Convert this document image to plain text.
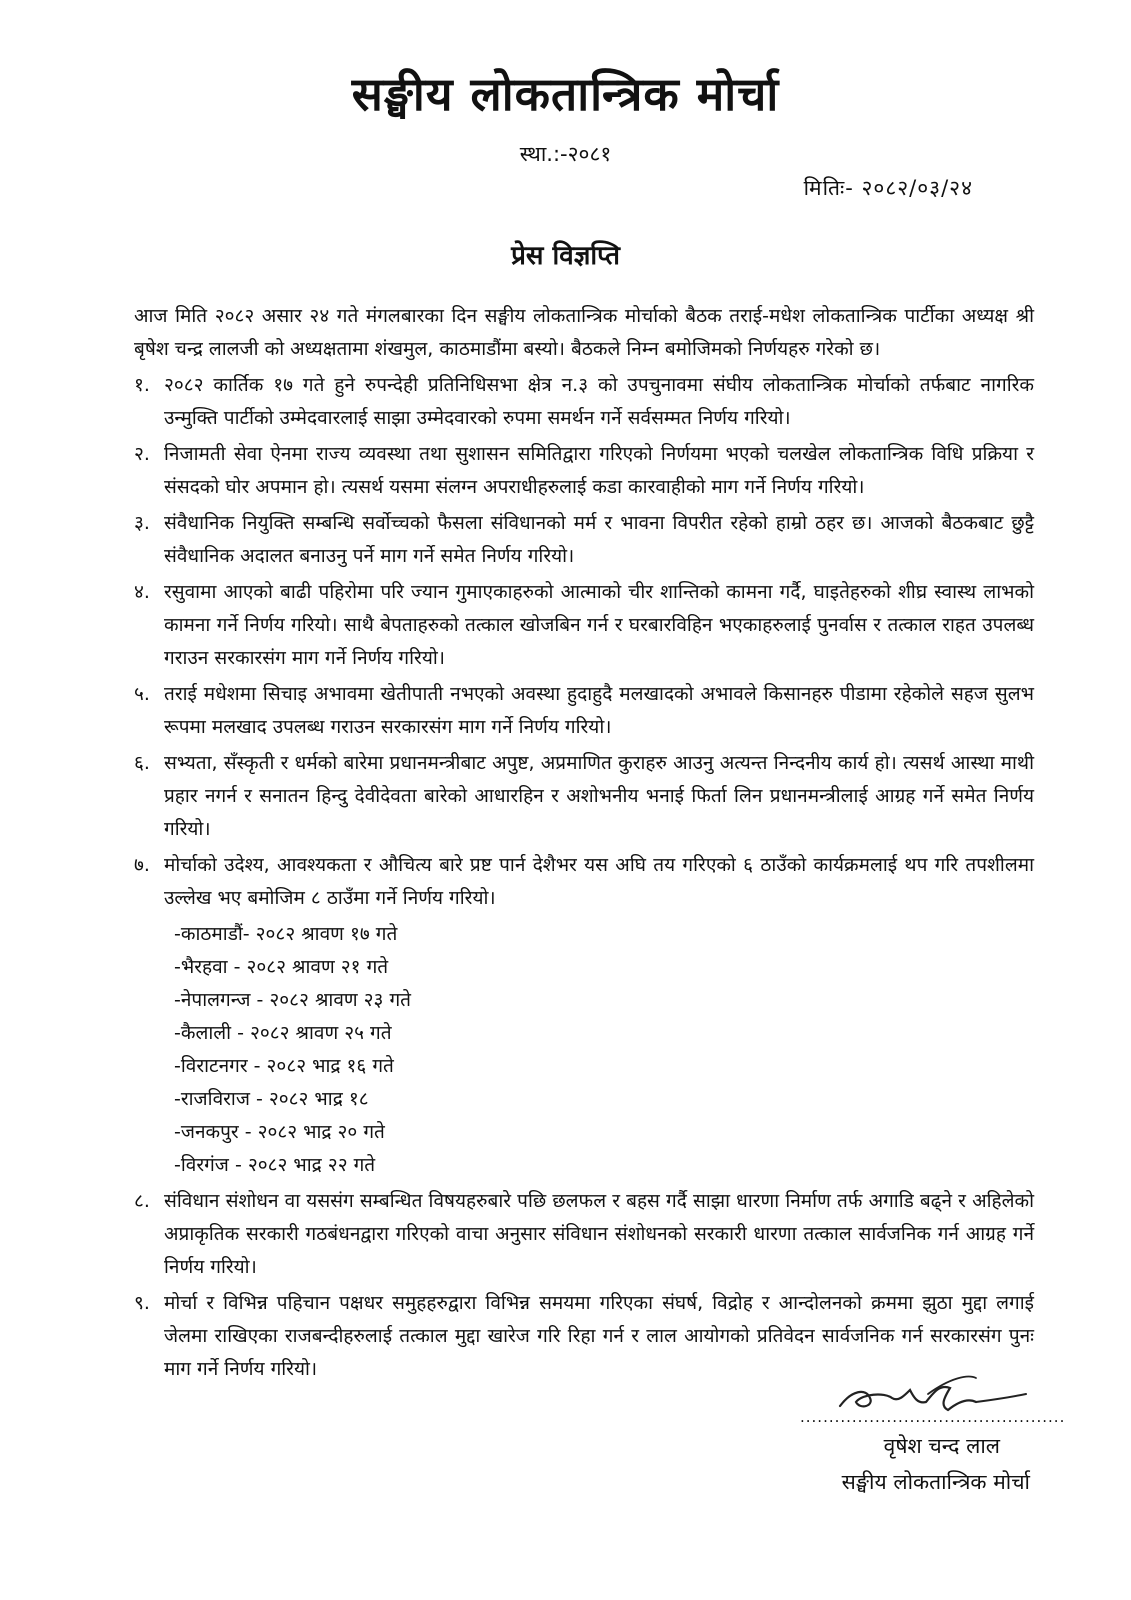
सङ्घीय लोकतान्त्रिक मोर्चा
स्था.:-२०८१
मितिः- २०८२/०३/२४
प्रेस विज्ञप्ति

आज मिति २०८२ असार २४ गते मंगलबारका दिन सङ्घीय लोकतान्त्रिक मोर्चाको बैठक तराई-मधेश लोकतान्त्रिक पार्टीका अध्यक्ष श्री बृषेश चन्द्र लालजी को अध्यक्षतामा शंखमुल, काठमाडौंमा बस्यो। बैठकले निम्न बमोजिमको निर्णयहरु गरेको छ।

१. २०८२ कार्तिक १७ गते हुने रुपन्देही प्रतिनिधिसभा क्षेत्र न.३ को उपचुनावमा संघीय लोकतान्त्रिक मोर्चाको तर्फबाट नागरिक उन्मुक्ति पार्टीको उम्मेदवारलाई साझा उम्मेदवारको रुपमा समर्थन गर्ने सर्वसम्मत निर्णय गरियो।
२. निजामती सेवा ऐनमा राज्य व्यवस्था तथा सुशासन समितिद्वारा गरिएको निर्णयमा भएको चलखेल लोकतान्त्रिक विधि प्रक्रिया र संसदको घोर अपमान हो। त्यसर्थ यसमा संलग्न अपराधीहरुलाई कडा कारवाहीको माग गर्ने निर्णय गरियो।
३. संवैधानिक नियुक्ति सम्बन्धि सर्वोच्चको फैसला संविधानको मर्म र भावना विपरीत रहेको हाम्रो ठहर छ। आजको बैठकबाट छुट्टै संवैधानिक अदालत बनाउनु पर्ने माग गर्ने समेत निर्णय गरियो।
४. रसुवामा आएको बाढी पहिरोमा परि ज्यान गुमाएकाहरुको आत्माको चीर शान्तिको कामना गर्दै, घाइतेहरुको शीघ्र स्वास्थ लाभको कामना गर्ने निर्णय गरियो। साथै बेपताहरुको तत्काल खोजबिन गर्न र घरबारविहिन भएकाहरुलाई पुनर्वास र तत्काल राहत उपलब्ध गराउन सरकारसंग माग गर्ने निर्णय गरियो।
५. तराई मधेशमा सिचाइ अभावमा खेतीपाती नभएको अवस्था हुदाहुदै मलखादको अभावले किसानहरु पीडामा रहेकोले सहज सुलभ रूपमा मलखाद उपलब्ध गराउन सरकारसंग माग गर्ने निर्णय गरियो।
६. सभ्यता, सँस्कृती र धर्मको बारेमा प्रधानमन्त्रीबाट अपुष्ट, अप्रमाणित कुराहरु आउनु अत्यन्त निन्दनीय कार्य हो। त्यसर्थ आस्था माथी प्रहार नगर्न र सनातन हिन्दु देवीदेवता बारेको आधारहिन र अशोभनीय भनाई फिर्ता लिन प्रधानमन्त्रीलाई आग्रह गर्ने समेत निर्णय गरियो।
७. मोर्चाको उदेश्य, आवश्यकता र औचित्य बारे प्रष्ट पार्न देशैभर यस अघि तय गरिएको ६ ठाउँको कार्यक्रमलाई थप गरि तपशीलमा उल्लेख भए बमोजिम ८ ठाउँमा गर्ने निर्णय गरियो।
-काठमाडौं- २०८२ श्रावण १७ गते
-भैरहवा - २०८२ श्रावण २१ गते
-नेपालगन्ज - २०८२ श्रावण २३ गते
-कैलाली - २०८२ श्रावण २५ गते
-विराटनगर - २०८२ भाद्र १६ गते
-राजविराज - २०८२ भाद्र १८
-जनकपुर - २०८२ भाद्र २० गते
-विरगंज - २०८२ भाद्र २२ गते
८. संविधान संशोधन वा यससंग सम्बन्धित विषयहरुबारे पछि छलफल र बहस गर्दै साझा धारणा निर्माण तर्फ अगाडि बढ्ने र अहिलेको अप्राकृतिक सरकारी गठबंधनद्वारा गरिएको वाचा अनुसार संविधान संशोधनको सरकारी धारणा तत्काल सार्वजनिक गर्न आग्रह गर्ने निर्णय गरियो।
९. मोर्चा र विभिन्न पहिचान पक्षधर समुहहरुद्वारा विभिन्न समयमा गरिएका संघर्ष, विद्रोह र आन्दोलनको क्रममा झुठा मुद्दा लगाई जेलमा राखिएका राजबन्दीहरुलाई तत्काल मुद्दा खारेज गरि रिहा गर्न र लाल आयोगको प्रतिवेदन सार्वजनिक गर्न सरकारसंग पुनः माग गर्ने निर्णय गरियो।
..............................................
वृषेश चन्द लाल
सङ्घीय लोकतान्त्रिक मोर्चा
